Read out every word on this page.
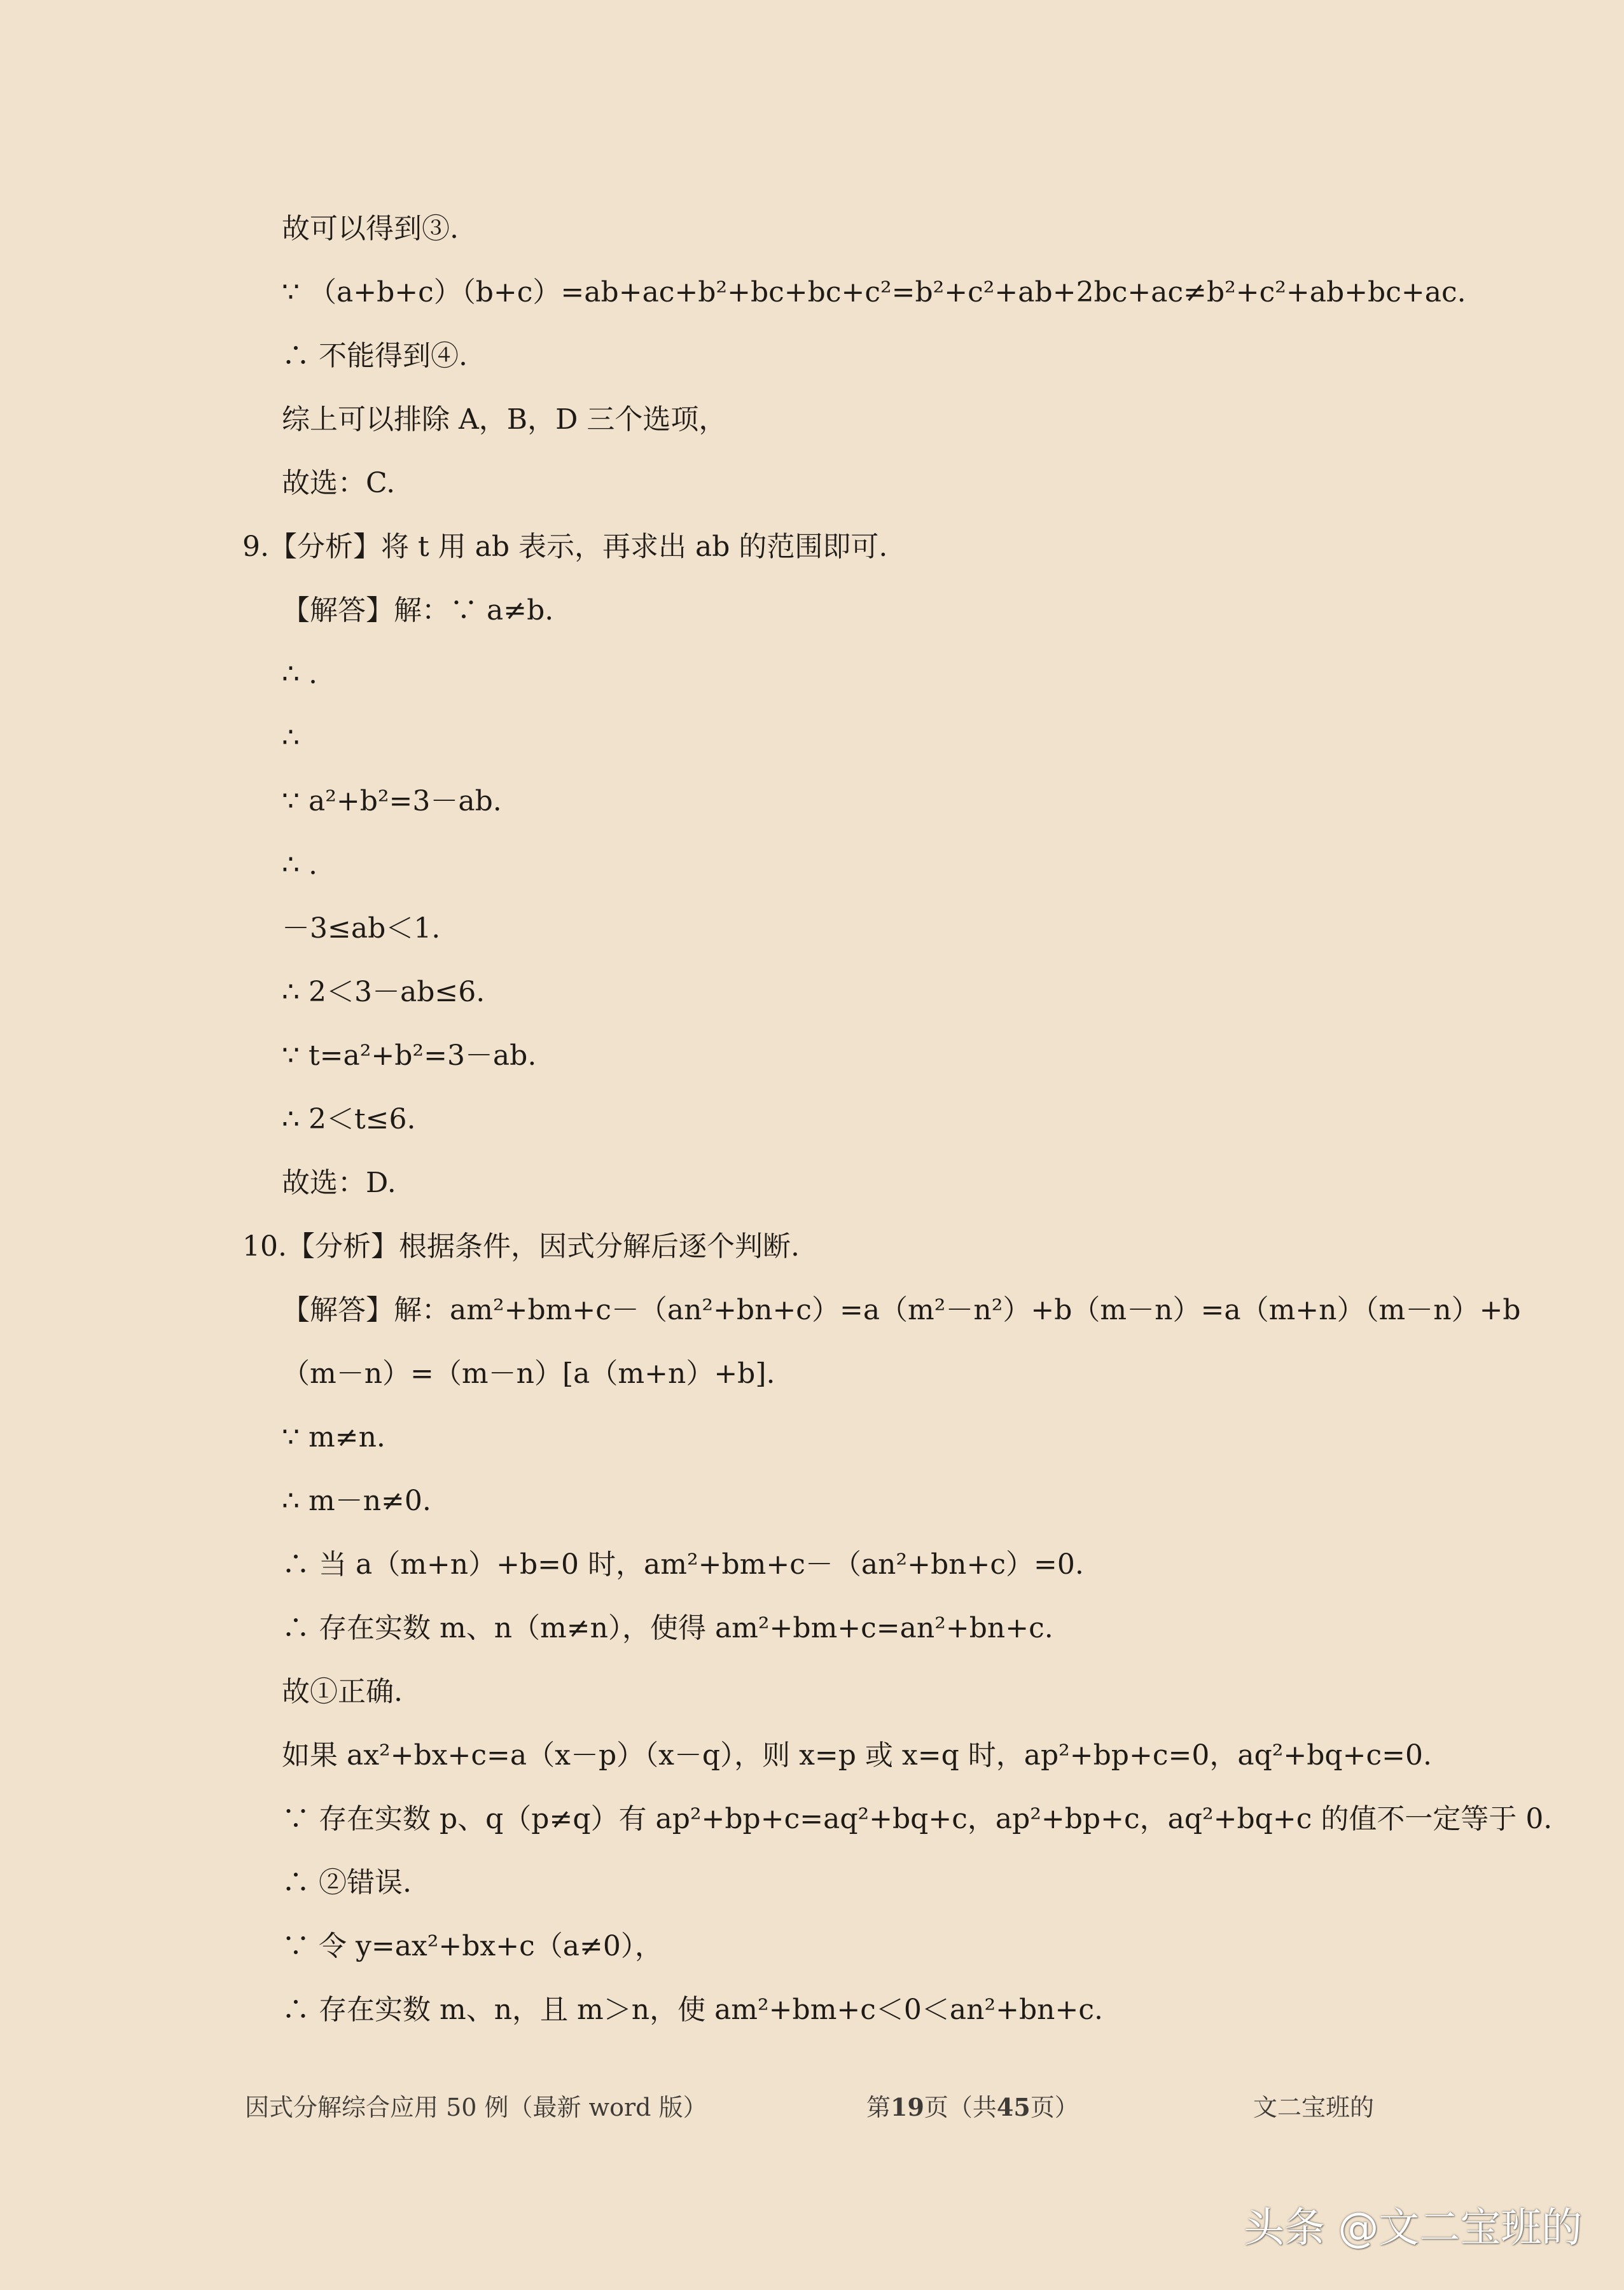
故可以得到③.
∵ （a+b+c）（b+c）=ab+ac+b²+bc+bc+c²=b²+c²+ab+2bc+ac≠b²+c²+ab+bc+ac.
∴ 不能得到④.
综上可以排除 A，B，D 三个选项，
故选：C.
9.【分析】将 t 用 ab 表示，再求出 ab 的范围即可.
【解答】解：∵ a≠b.
∴ .
∴
∵ a²+b²=3－ab.
∴ .
－3≤ab＜1.
∴ 2＜3－ab≤6.
∵ t=a²+b²=3－ab.
∴ 2＜t≤6.
故选：D.
10.【分析】根据条件，因式分解后逐个判断.
【解答】解：am²+bm+c－（an²+bn+c）=a（m²－n²）+b（m－n）=a（m+n）（m－n）+b
（m－n）=（m－n）[a（m+n）+b].
∵ m≠n.
∴ m－n≠0.
∴ 当 a（m+n）+b=0 时，am²+bm+c－（an²+bn+c）=0.
∴ 存在实数 m、n（m≠n），使得 am²+bm+c=an²+bn+c.
故①正确.
如果 ax²+bx+c=a（x－p）（x－q），则 x=p 或 x=q 时，ap²+bp+c=0，aq²+bq+c=0.
∵ 存在实数 p、q（p≠q）有 ap²+bp+c=aq²+bq+c，ap²+bp+c，aq²+bq+c 的值不一定等于 0.
∴ ②错误.
∵ 令 y=ax²+bx+c（a≠0），
∴ 存在实数 m、n，且 m＞n，使 am²+bm+c＜0＜an²+bn+c.
因式分解综合应用 50 例（最新 word 版）	第19页（共45页）	文二宝班的
头条 @文二宝班的
